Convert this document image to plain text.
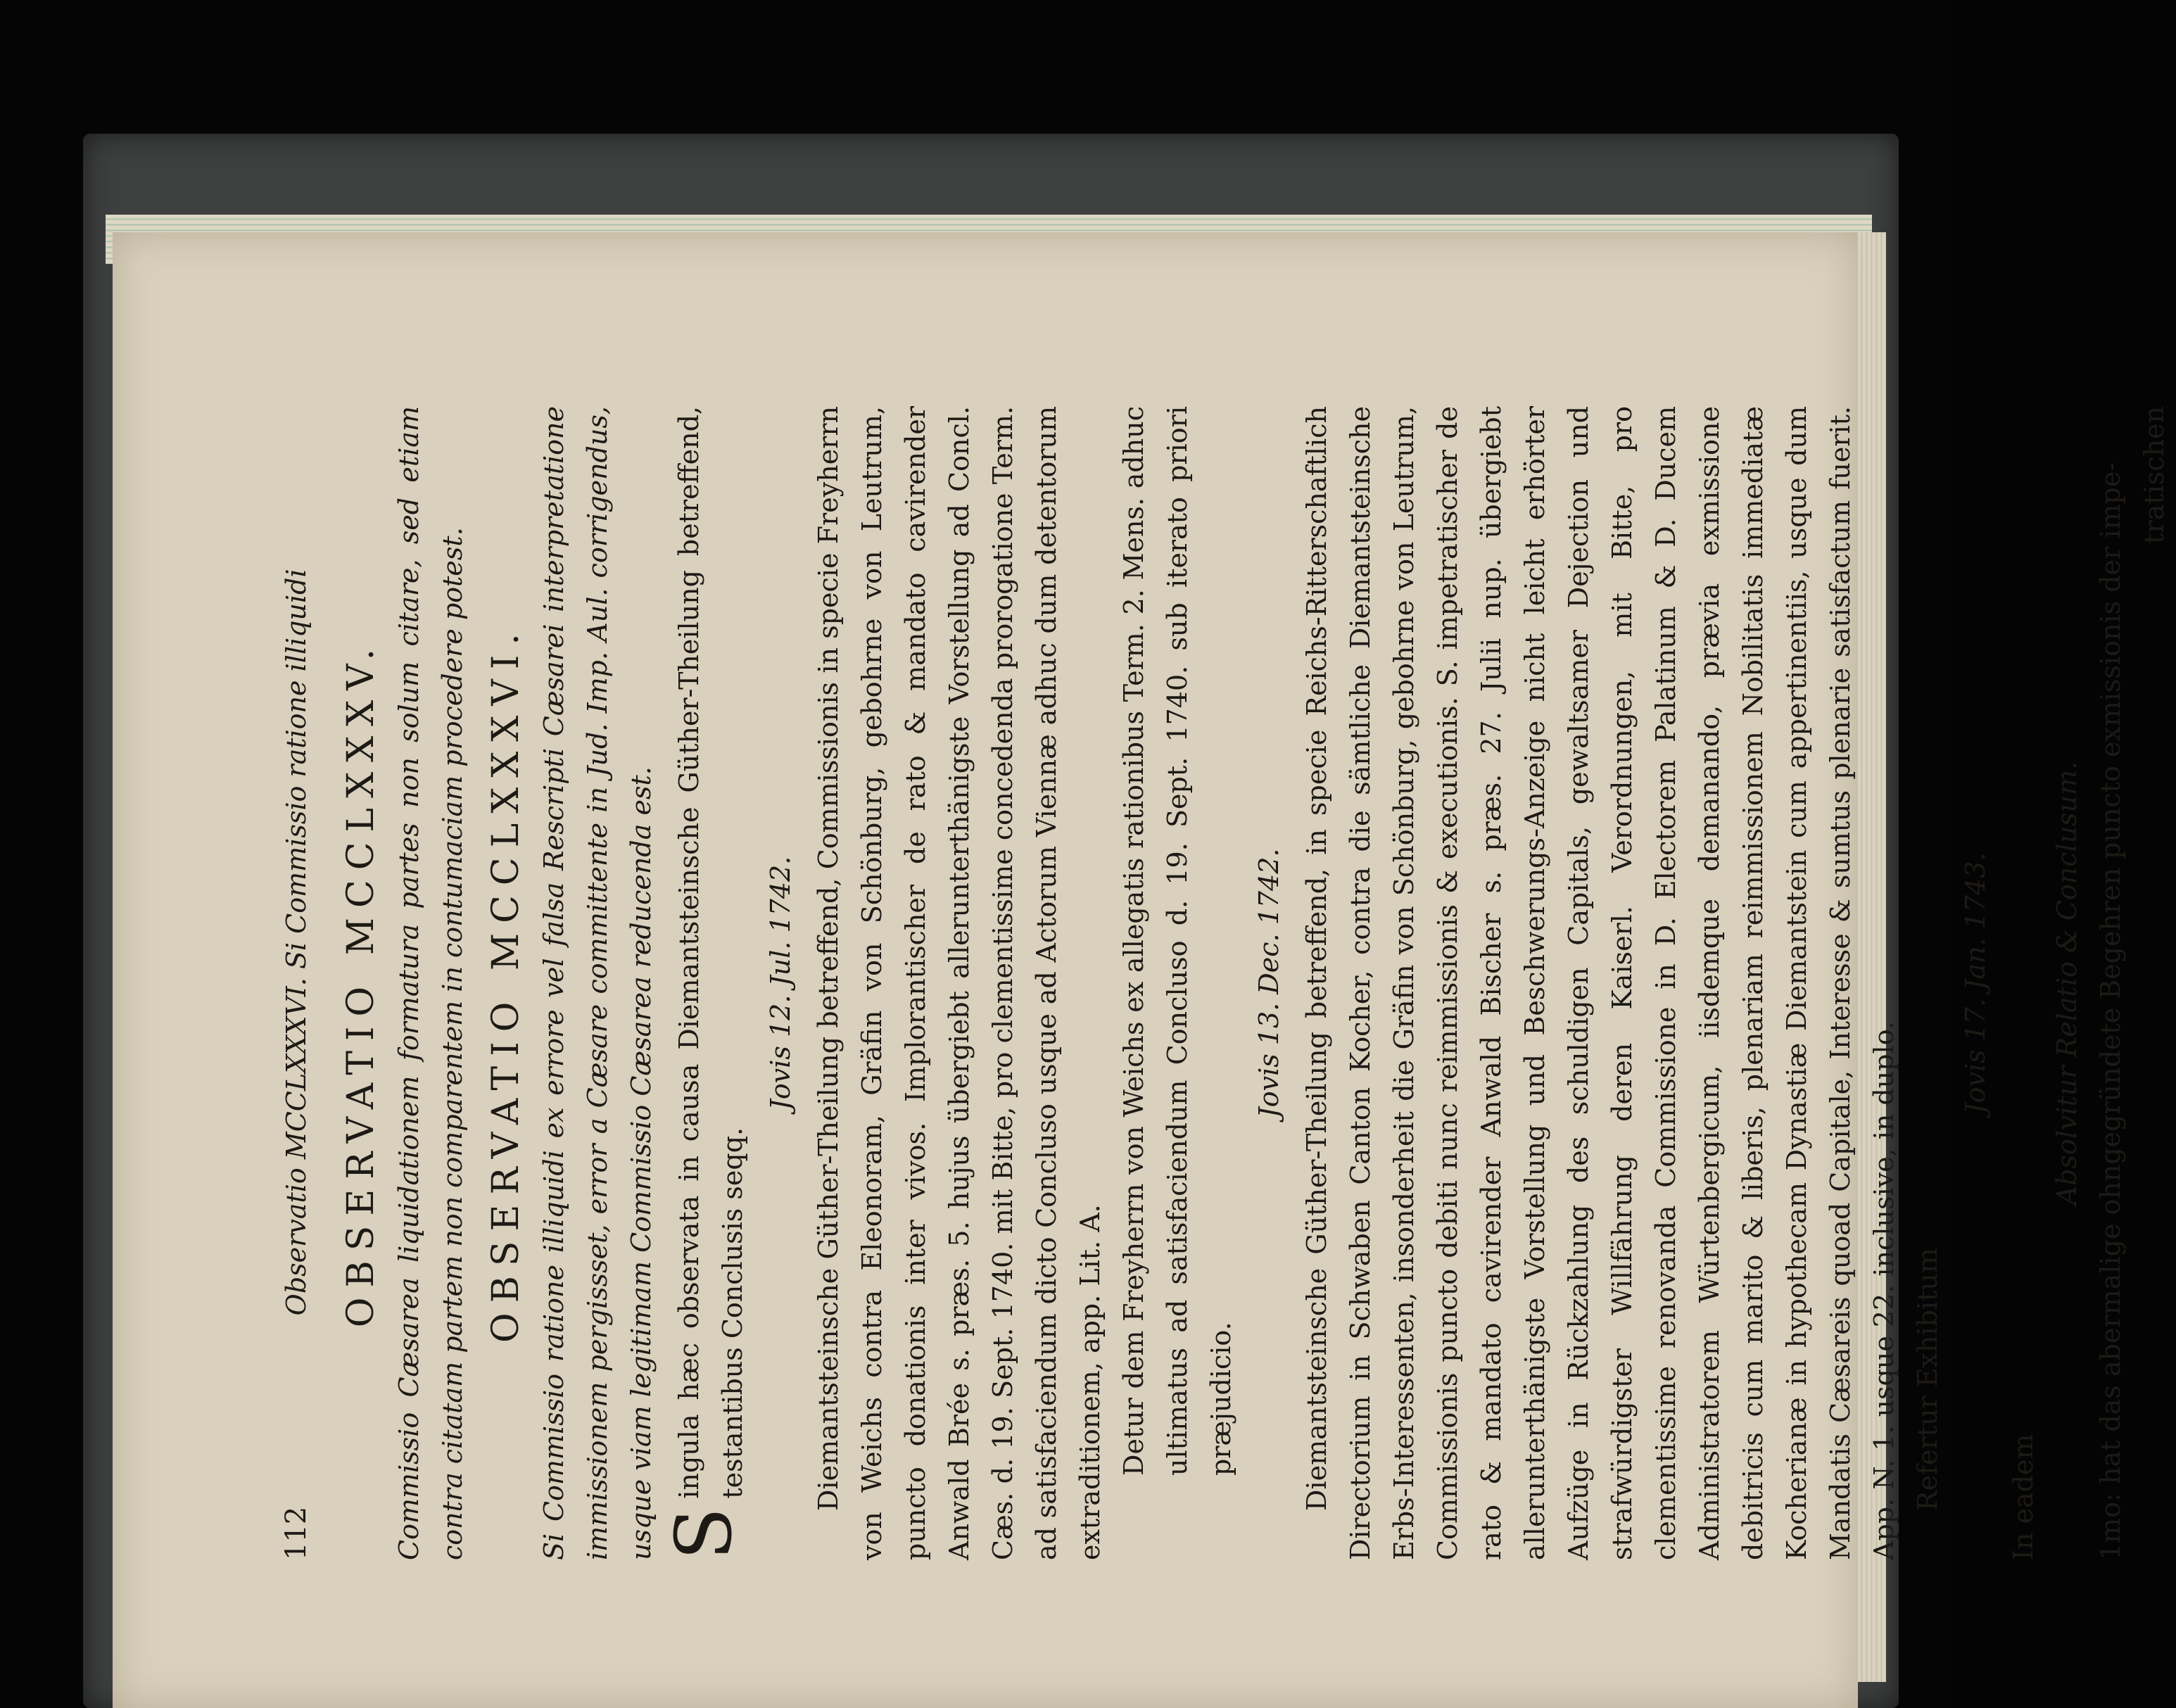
112
Observatio MCCLXXXVI. Si Commissio ratione illiquidi OBSERVATIO MCCLXXXV. Commissio Cæsarea liquidationem formatura partes non solum citare, sed etiam contra citatam partem non comparentem in contumaciam procedere potest. OBSERVATIO MCCLXXXVI. Si Commissio ratione illiquidi ex errore vel falsa Rescripti Cæsarei interpretatione immissionem pergissset, error a Cæsare committente in Jud. Imp. Aul. corrigendus, usque viam legitimam Commissio Cæsarea reducenda est. S
ingula hæc observata in causa Diemantsteinsche Güther-Theilung betreffend, testantibus Conclusis seqq.

Jovis 12. Jul. 1742. Diemantsteinsche Güther-Theilung betreffend, Commissionis in specie Freyherrn von Weichs contra Eleonoram, Gräfin von Schönburg, gebohrne von Leutrum, puncto donationis inter vivos. Implorantischer de rato & mandato cavirender Anwald Brée s. præs. 5. hujus übergiebt allerunterthänigste Vorstellung ad Concl. Cæs. d. 19. Sept. 1740. mit Bitte, pro clementissime concedenda prorogatione Term. ad satisfaciendum dicto Concluso usque ad Actorum Viennæ adhuc dum detentorum extraditionem, app. Lit. A. Detur dem Freyherrn von Weichs ex allegatis rationibus Term. 2. Mens. adhuc ultimatus ad satisfaciendum Concluso d. 19. Sept. 1740. sub iterato priori præjudicio.

Jovis 13. Dec. 1742. Diemantsteinsche Güther-Theilung betreffend, in specie Reichs-Ritterschaftlich Directorium in Schwaben Canton Kocher, contra die sämtliche Diemantsteinsche Erbs-Interessenten, insonderheit die Gräfin von Schönburg, gebohrne von Leutrum, Commissionis puncto debiti nunc reimmissionis & executionis. S. impetratischer de rato & mandato cavirender Anwald Bischer s. præs. 27. Julii nup. übergiebt allerunterthänigste Vorstellung und Beschwerungs-Anzeige nicht leicht erhörter Aufzüge in Rückzahlung des schuldigen Capitals, gewaltsamer Dejection und strafwürdigster Willfährung deren Kaiserl. Verordnungen, mit Bitte, pro clementissime renovanda Commissione in D. Electorem Palatinum & D. Ducem Administratorem Würtenbergicum, iisdemque demanando, prævia exmissione debitricis cum marito & liberis, plenariam reimmissionem Nobilitatis immediatæ Kocherianæ in hypothecam Dynastiæ Diemantstein cum appertinentiis, usque dum Mandatis Cæsareis quoad Capitale, Interesse & sumtus plenarie satisfactum fuerit. App. N. 1. usque 22. inclusive, in duplo. Refertur Exhibitum

Jovis 17. Jan. 1743.

In eadem

Absolvitur Relatio & Conclusum. 1mo: hat das abermalige ohngegründete Begehren puncto exmissionis der impe- tratischen
